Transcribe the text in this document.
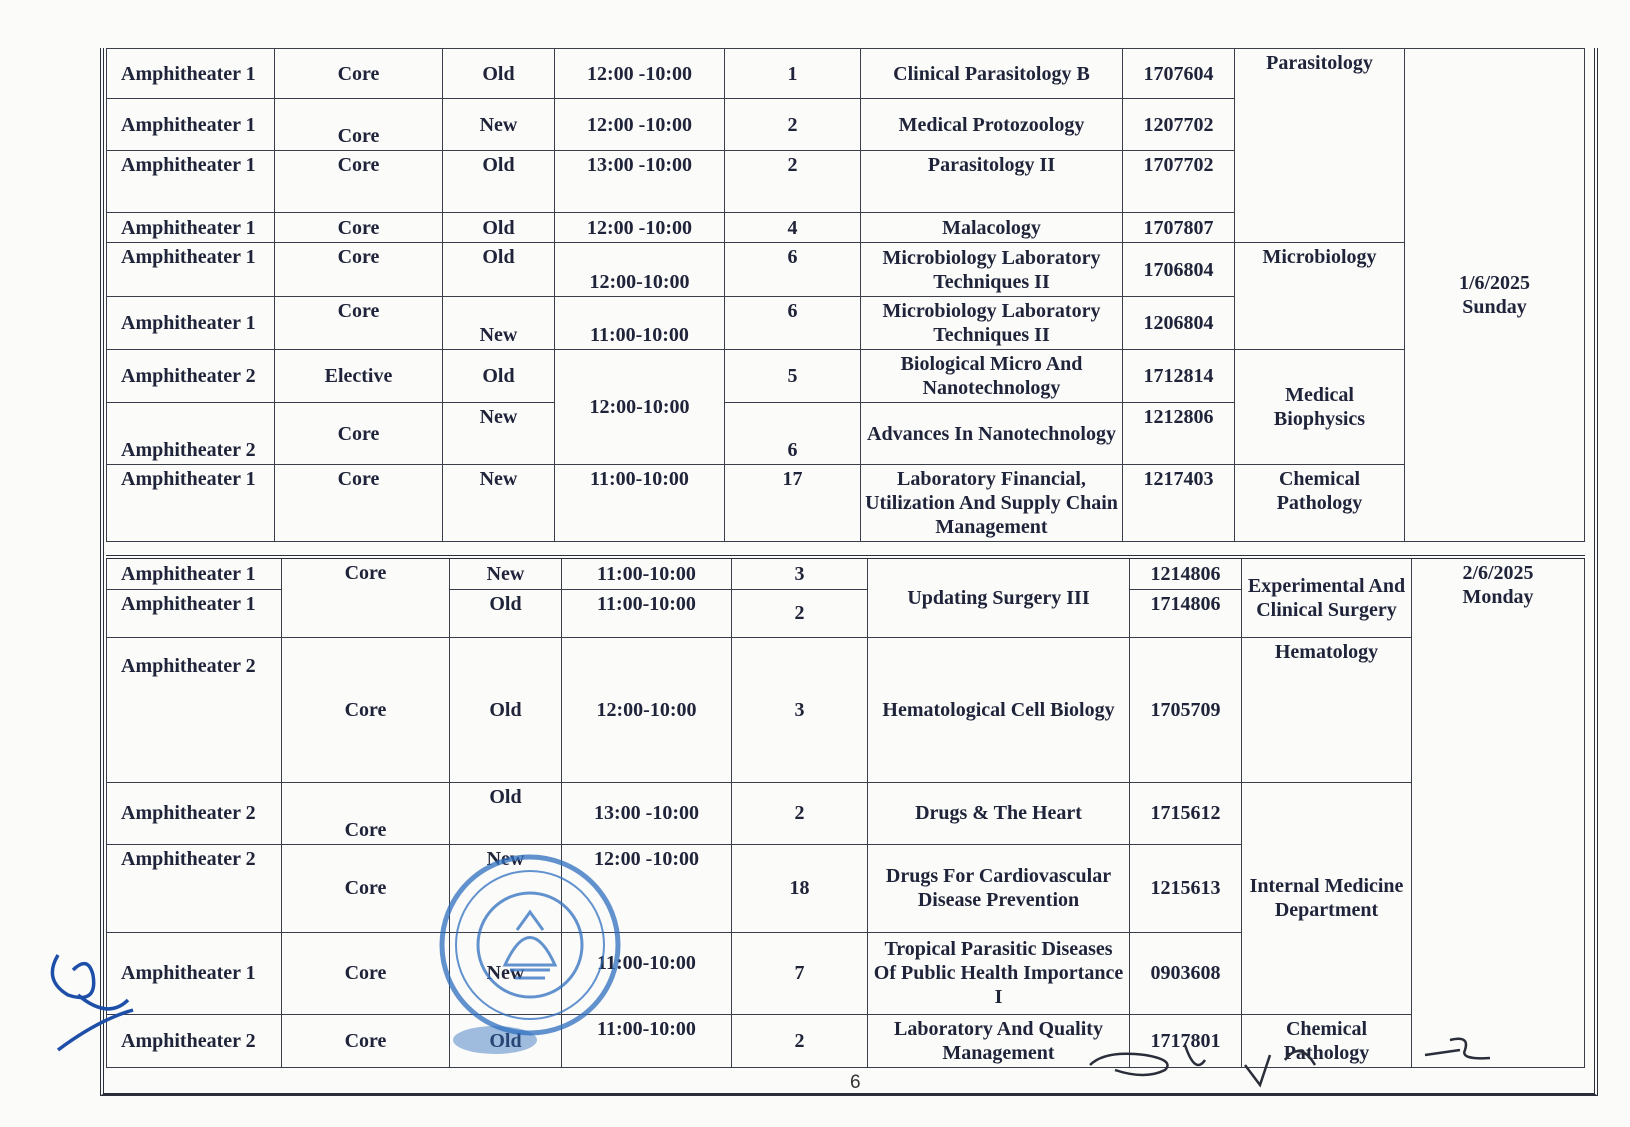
Amphitheater 1	Core	Old	12:00 -10:00	1	Clinical Parasitology B	1707604	Parasitology	1/6/2025
Sunday

Amphitheater 1	Core	New	12:00 -10:00	2	Medical Protozoology	1207702		
Amphitheater 1	Core	Old	13:00 -10:00	2	Parasitology II	1707702		
Amphitheater 1	Core	Old	12:00 -10:00	4	Malacology	1707807		
Amphitheater 1	Core	Old	12:00-10:00	6	Microbiology Laboratory Techniques II	1706804	Microbiology	
Amphitheater 1	Core	New	11:00-10:00	6	Microbiology Laboratory Techniques II	1206804		
Amphitheater 2	Elective	Old	12:00-10:00	5	Biological Micro And Nanotechnology	1712814	Medical Biophysics	
Amphitheater 2	Core	New		6	Advances In Nanotechnology	1212806		
Amphitheater 1	Core	New	11:00-10:00	17	Laboratory Financial, Utilization And Supply Chain Management	1217403	Chemical Pathology	
Amphitheater 1	Core	New	11:00-10:00	3	Updating Surgery III	1214806	Experimental And Clinical Surgery	2/6/2025
Monday

Amphitheater 1		Old	11:00-10:00	2		1714806		
Amphitheater 2	Core	Old	12:00-10:00	3	Hematological Cell Biology	1705709	Hematology	
Amphitheater 2	Core	Old	13:00 -10:00	2	Drugs & The Heart	1715612	Internal Medicine Department	
Amphitheater 2	Core	New	12:00 -10:00	18	Drugs For Cardiovascular Disease Prevention	1215613		
Amphitheater 1	Core	New	11:00-10:00	7	Tropical Parasitic Diseases Of Public Health Importance I	0903608		
Amphitheater 2	Core	Old	11:00-10:00	2	Laboratory And Quality Management	1717801	Chemical Pathology	
6
